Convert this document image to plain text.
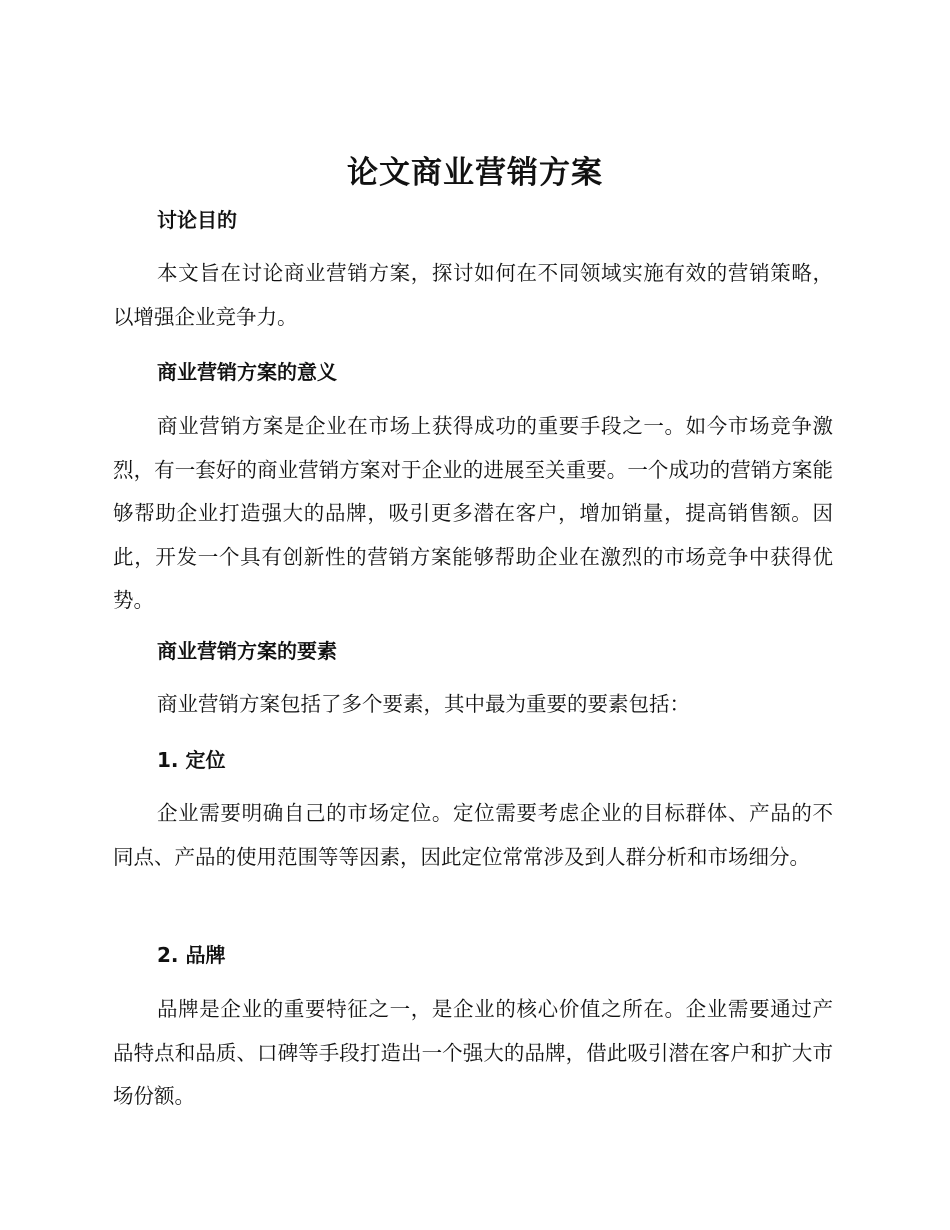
论文商业营销方案
讨论目的

本文旨在讨论商业营销方案，探讨如何在不同领域实施有效的营销策略，以增强企业竞争力。

商业营销方案的意义

商业营销方案是企业在市场上获得成功的重要手段之一。如今市场竞争激烈，有一套好的商业营销方案对于企业的进展至关重要。一个成功的营销方案能够帮助企业打造强大的品牌，吸引更多潜在客户，增加销量，提高销售额。因此，开发一个具有创新性的营销方案能够帮助企业在激烈的市场竞争中获得优势。

商业营销方案的要素

商业营销方案包括了多个要素，其中最为重要的要素包括：

1. 定位

企业需要明确自己的市场定位。定位需要考虑企业的目标群体、产品的不同点、产品的使用范围等等因素，因此定位常常涉及到人群分析和市场细分。

2. 品牌

品牌是企业的重要特征之一，是企业的核心价值之所在。企业需要通过产品特点和品质、口碑等手段打造出一个强大的品牌，借此吸引潜在客户和扩大市场份额。
